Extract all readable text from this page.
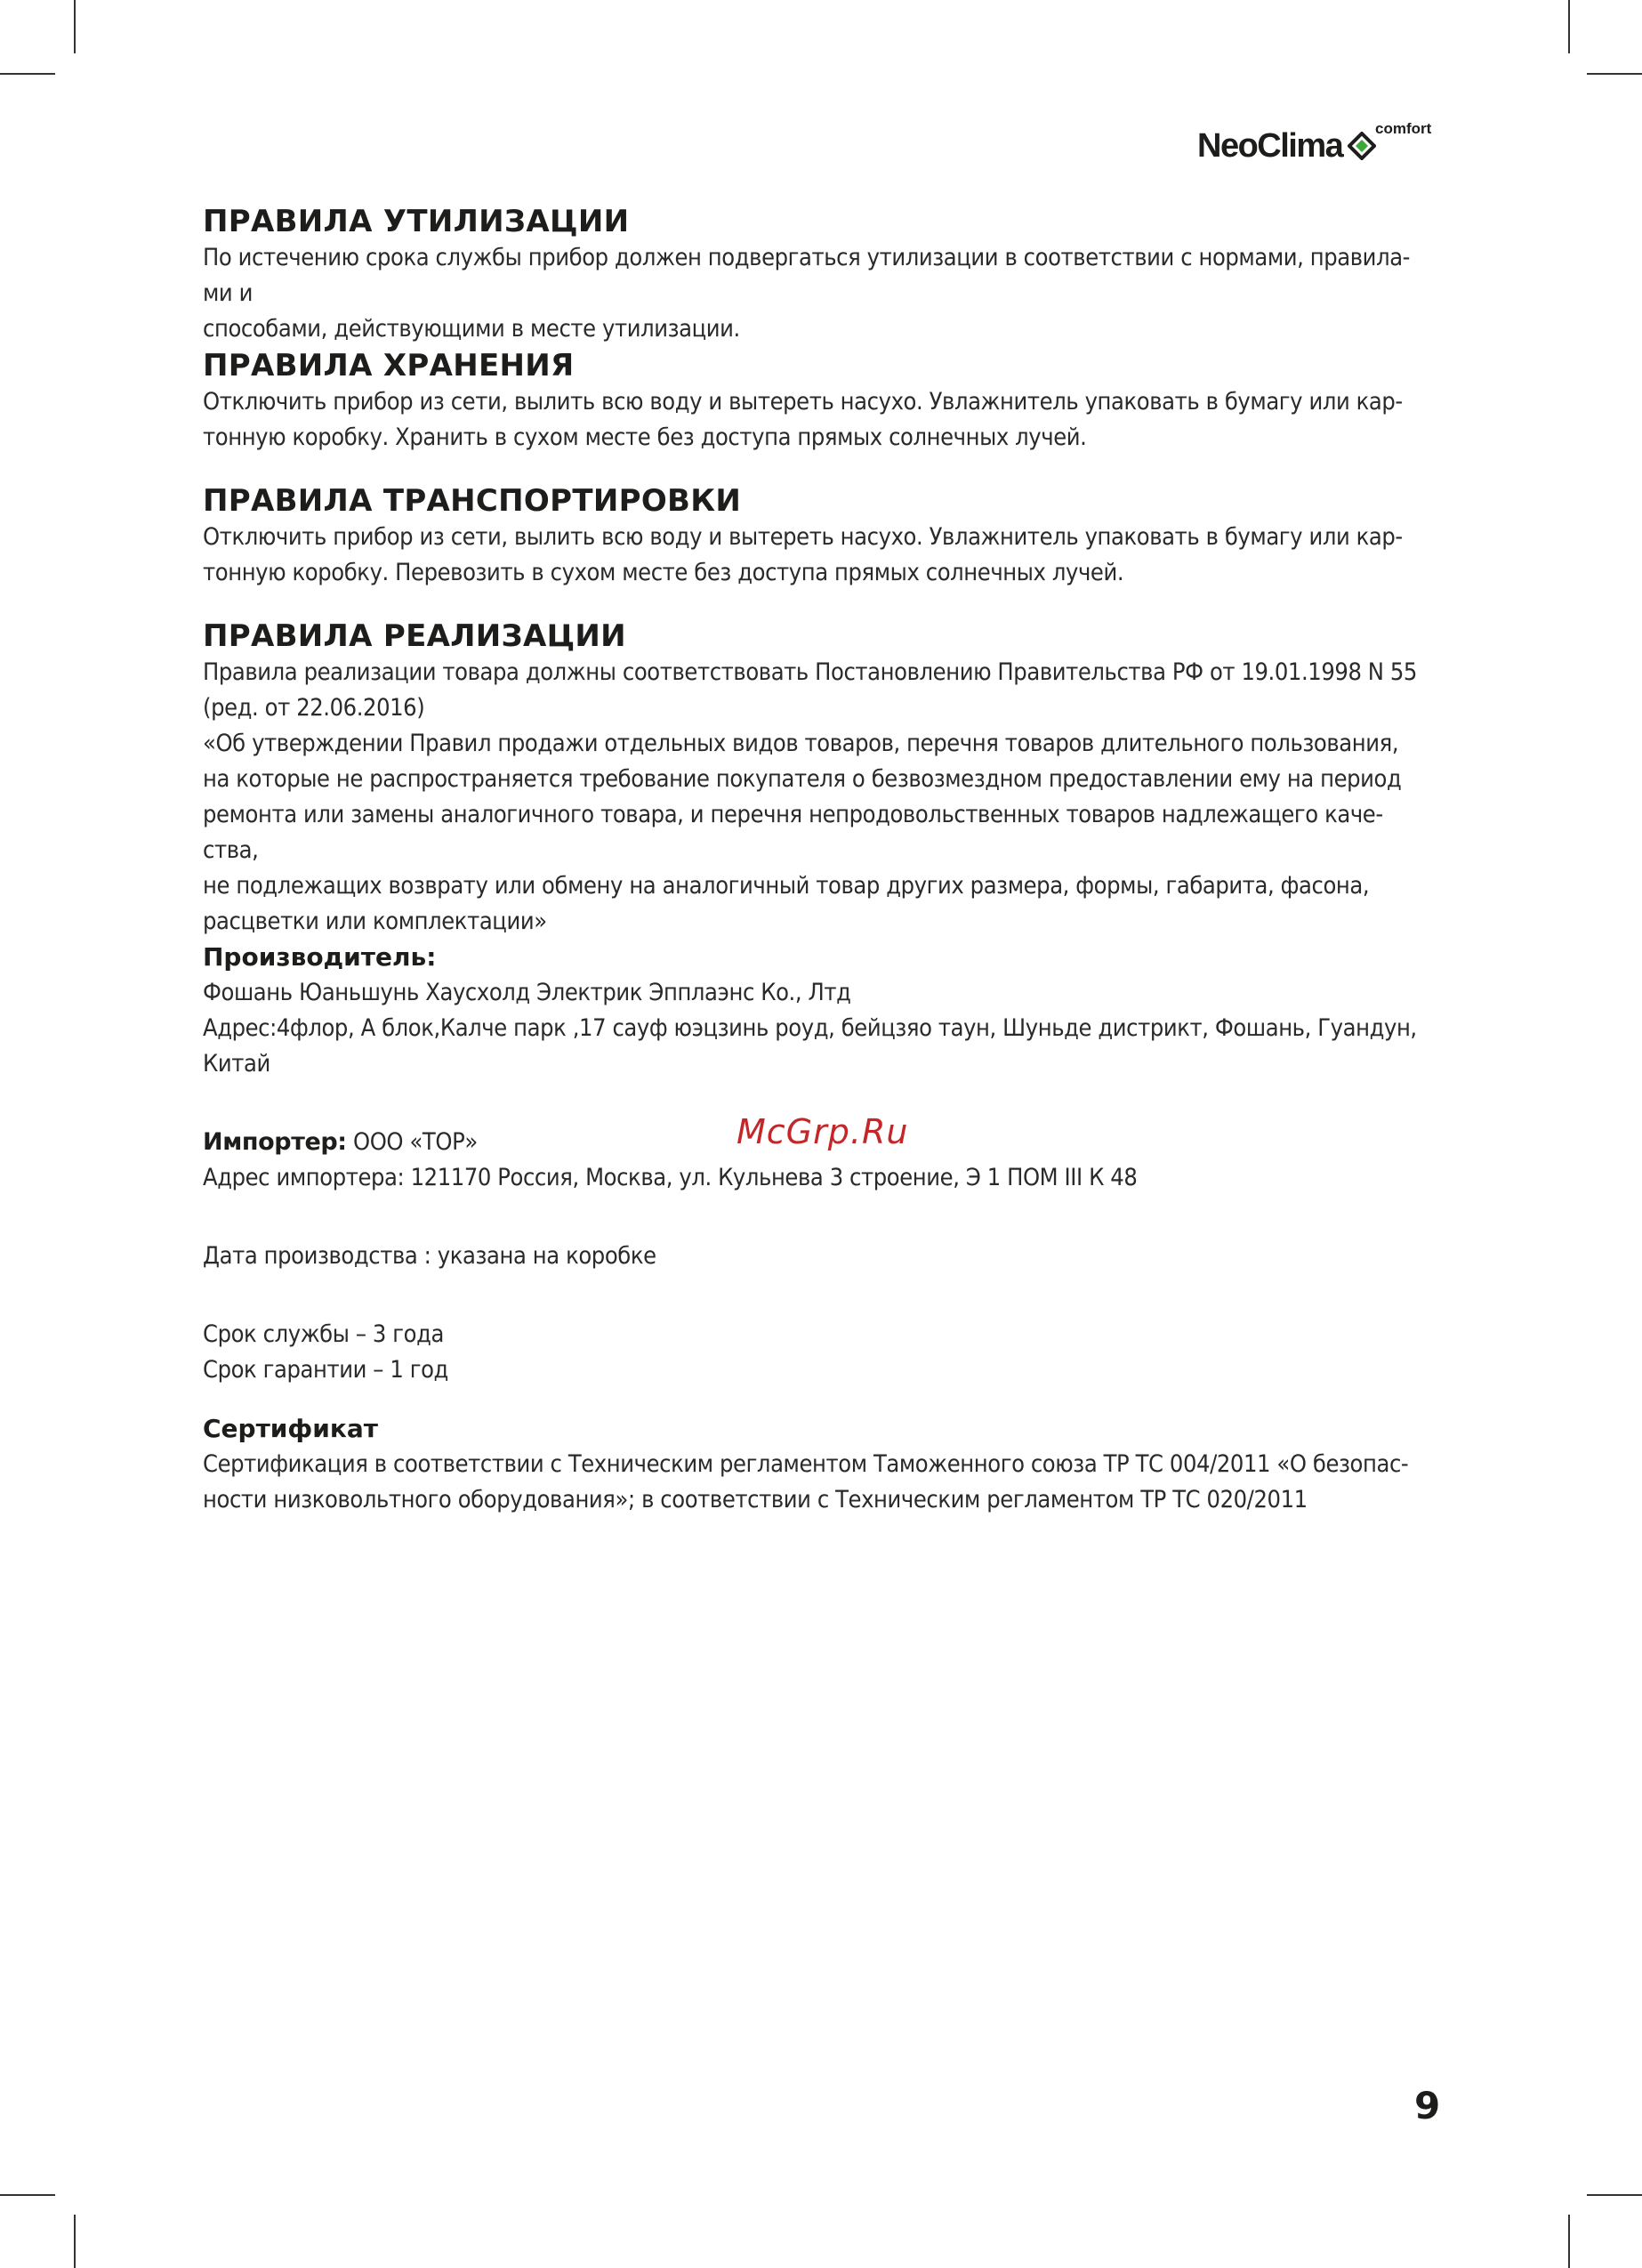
NeoClima comfort

ПРАВИЛА УТИЛИЗАЦИИ

По истечению срока службы прибор должен подвергаться утилизации в соответствии с нормами, правила-

ми и

способами, действующими в месте утилизации.

ПРАВИЛА ХРАНЕНИЯ

Отключить прибор из сети, вылить всю воду и вытереть насухо. Увлажнитель упаковать в бумагу или кар-

тонную коробку. Хранить в сухом месте без доступа прямых солнечных лучей.

ПРАВИЛА ТРАНСПОРТИРОВКИ

Отключить прибор из сети, вылить всю воду и вытереть насухо. Увлажнитель упаковать в бумагу или кар-

тонную коробку. Перевозить в сухом месте без доступа прямых солнечных лучей.

ПРАВИЛА РЕАЛИЗАЦИИ

Правила реализации товара должны соответствовать Постановлению Правительства РФ от 19.01.1998 N 55

(ред. от 22.06.2016)

«Об утверждении Правил продажи отдельных видов товаров, перечня товаров длительного пользования,

на которые не распространяется требование покупателя о безвозмездном предоставлении ему на период

ремонта или замены аналогичного товара, и перечня непродовольственных товаров надлежащего каче-

ства,

не подлежащих возврату или обмену на аналогичный товар других размера, формы, габарита, фасона,

расцветки или комплектации»

Производитель:

Фошань Юаньшунь Хаусхолд Электрик Эпплаэнс Ко., Лтд

Адрес:4флор, А блок,Калче парк ,17 сауф юэцзинь роуд, бейцзяо таун, Шуньде дистрикт, Фошань, Гуандун,

Китай

Импортер: ООО «ТОР»

Адрес импортера: 121170 Россия, Москва, ул. Кульнева 3 строение, Э 1 ПОМ III К 48

Дата производства : указана на коробке

Срок службы – 3 года

Срок гарантии – 1 год

Сертификат

Сертификация в соответствии с Техническим регламентом Таможенного союза ТР ТС 004/2011 «О безопас-

ности низковольтного оборудования»; в соответствии с Техническим регламентом ТР ТС 020/2011

McGrp.Ru
9
